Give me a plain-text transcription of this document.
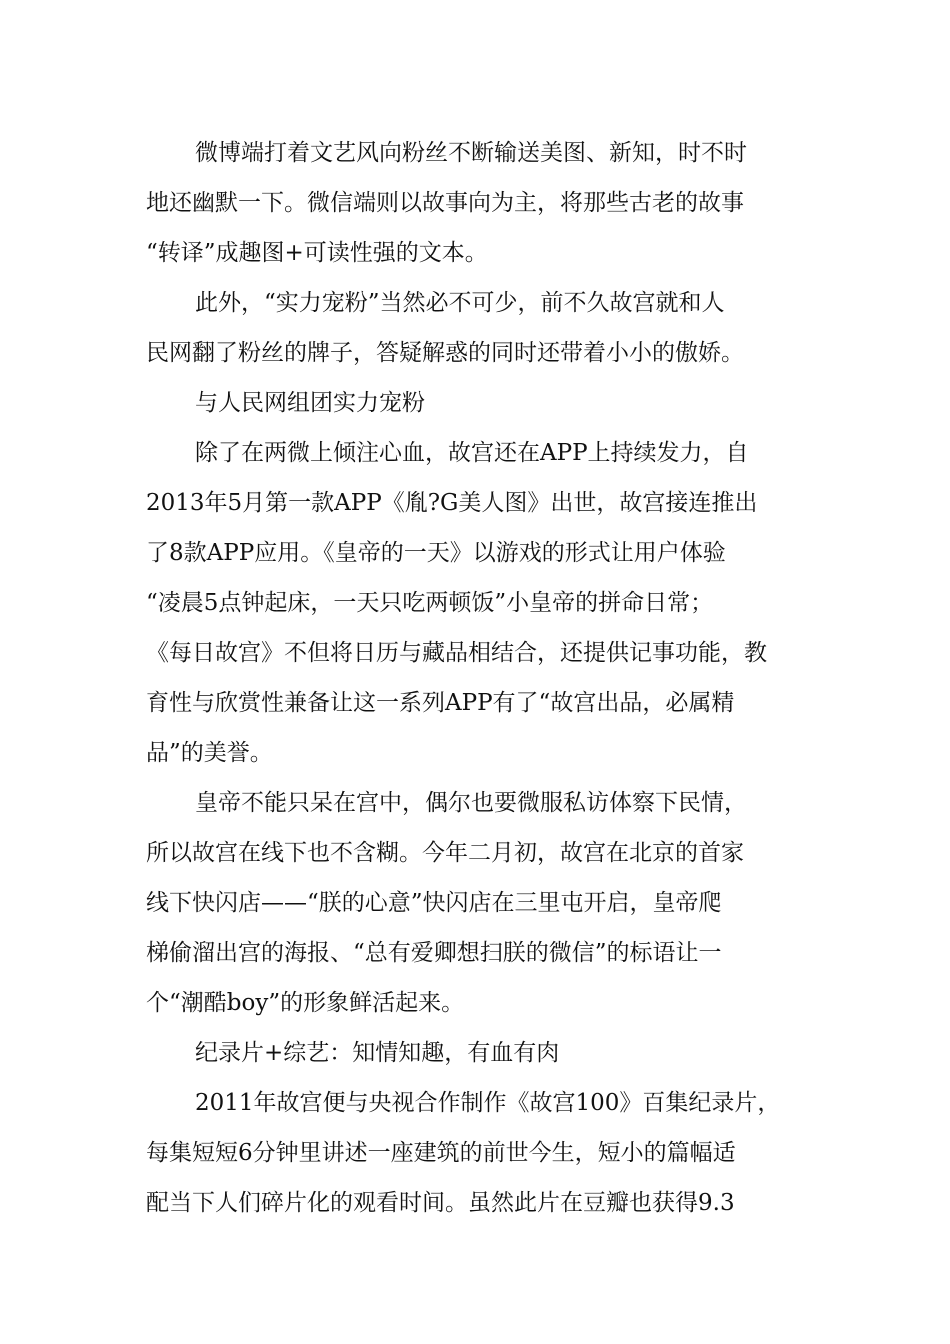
微博端打着文艺风向粉丝不断输送美图、新知，时不时
地还幽默一下。微信端则以故事向为主，将那些古老的故事
“转译”成趣图+可读性强的文本。
此外，“实力宠粉”当然必不可少，前不久故宫就和人
民网翻了粉丝的牌子，答疑解惑的同时还带着小小的傲娇。
与人民网组团实力宠粉
除了在两微上倾注心血，故宫还在APP上持续发力，自
2013年5月第一款APP《胤?G美人图》出世，故宫接连推出
了8款APP应用。《皇帝的一天》以游戏的形式让用户体验
“凌晨5点钟起床，一天只吃两顿饭”小皇帝的拼命日常；
《每日故宫》不但将日历与藏品相结合，还提供记事功能，教
育性与欣赏性兼备让这一系列APP有了“故宫出品，必属精
品”的美誉。
皇帝不能只呆在宫中，偶尔也要微服私访体察下民情，
所以故宫在线下也不含糊。今年二月初，故宫在北京的首家
线下快闪店——“朕的心意”快闪店在三里屯开启，皇帝爬
梯偷溜出宫的海报、“总有爱卿想扫朕的微信”的标语让一
个“潮酷boy”的形象鲜活起来。
纪录片+综艺：知情知趣，有血有肉
2011年故宫便与央视合作制作《故宫100》百集纪录片，
每集短短6分钟里讲述一座建筑的前世今生，短小的篇幅适
配当下人们碎片化的观看时间。虽然此片在豆瓣也获得9.3
